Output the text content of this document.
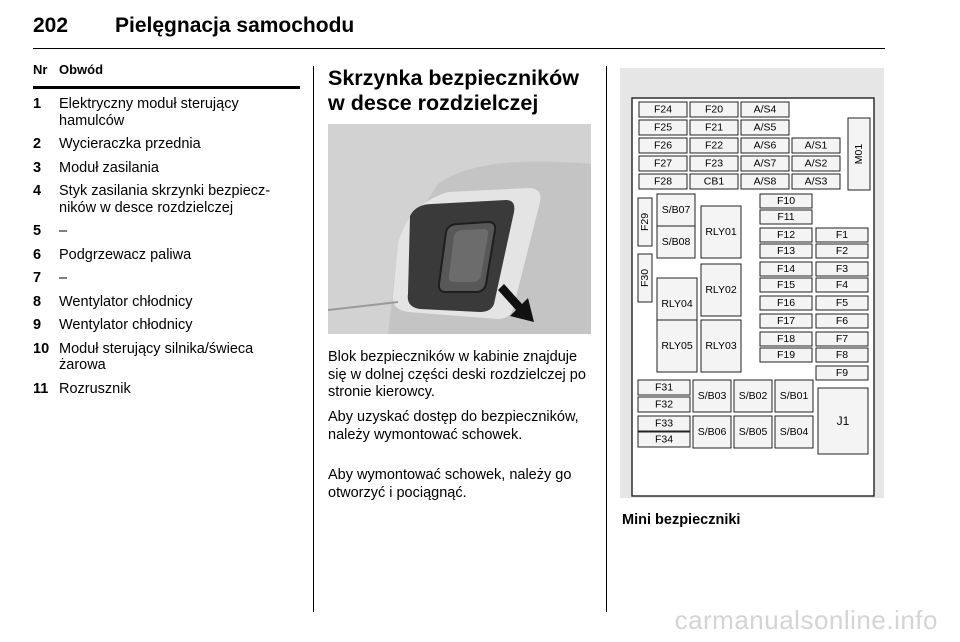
202 Pielęgnacja samochodu
Nr Obwód
1	Elektryczny moduł sterujący hamulców
2	Wycieraczka przednia
3	Moduł zasilania
4	Styk zasilania skrzynki bezpieczników w desce rozdzielczej
5	–
6	Podgrzewacz paliwa
7	–
8	Wentylator chłodnicy
9	Wentylator chłodnicy
10 Moduł sterujący silnika/świeca żarowa
11 Rozrusznik
Skrzynka bezpieczników w desce rozdzielczej

Blok bezpieczników w kabinie znajduje się w dolnej części deski rozdzielczej po stronie kierowcy.

Aby uzyskać dostęp do bezpieczników, należy wymontować schowek.

Aby wymontować schowek, należy go otworzyć i pociągnąć.

F24	F20	A/S4
F25	F21	A/S5
F26	F22	A/S6	A/S1
F27	F23	A/S7	A/S2
F28	CB1	A/S8	A/S3
M01
F29
F30
S/B07
S/B08
RLY01
RLY02
RLY03
RLY04
RLY05
F10
F11
F12
F13
F14
F15
F16
F17
F18
F19
F1
F2
F3
F4
F5
F6
F7
F8
F9
F31
F32
F33
F34
S/B03 S/B02 S/B01
S/B06 S/B05 S/B04
J1
Mini bezpieczniki
carmanualsonline.info
